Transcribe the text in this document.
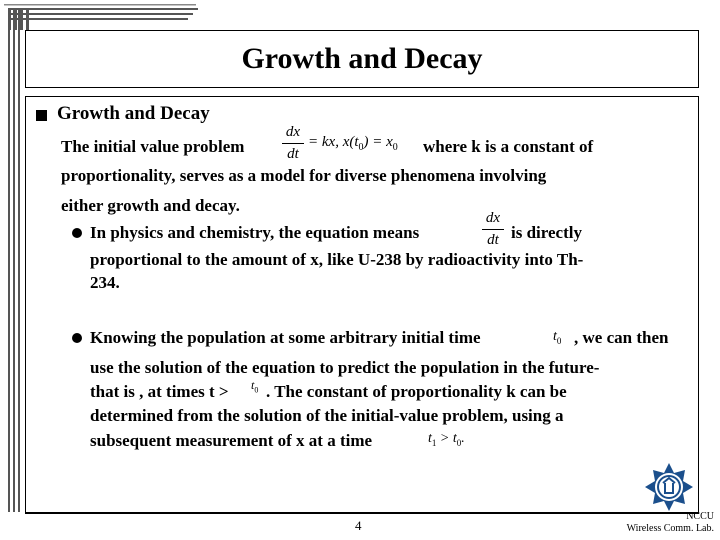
Growth and Decay
Growth and Decay
The initial value problem
dx
dt
= kx, $x(t_0) = x_0$ where k is a constant of
proportionality, serves as a model for diverse phenomena involving
either growth and decay.
In physics and chemistry, the equation means
dx
dt is directly
proportional to the amount of x, like U-238 by radioactivity into Th-
234.
Knowing the population at some arbitrary initial time	$t_0$ , we can then
use the solution of the equation to predict the population in the future-
that is , at times $t > t_0$ . The constant of proportionality k can be
determined from the solution of the initial-value problem, using a
subsequent measurement of x at a time	$t_1 > t_0$.
4
NCCU
Wireless Comm. Lab.
